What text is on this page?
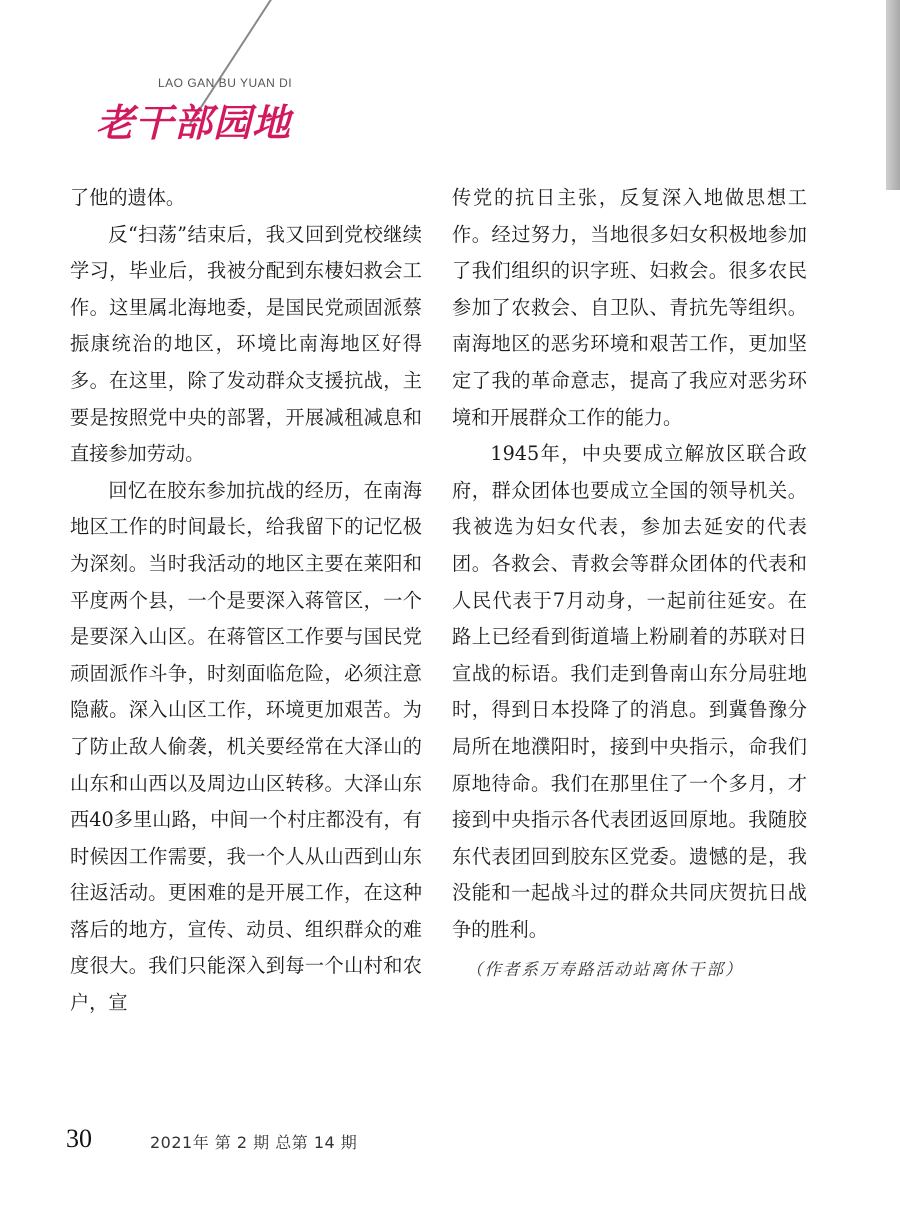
LAO GAN BU YUAN DI
老干部园地

了他的遗体。

反“扫荡”结束后，我又回到党校继续学习，毕业后，我被分配到东棲妇救会工作。这里属北海地委，是国民党顽固派蔡振康统治的地区，环境比南海地区好得多。在这里，除了发动群众支援抗战，主要是按照党中央的部署，开展减租减息和直接参加劳动。

回忆在胶东参加抗战的经历，在南海地区工作的时间最长，给我留下的记忆极为深刻。当时我活动的地区主要在莱阳和平度两个县，一个是要深入蒋管区，一个是要深入山区。在蒋管区工作要与国民党顽固派作斗争，时刻面临危险，必须注意隐蔽。深入山区工作，环境更加艰苦。为了防止敌人偷袭，机关要经常在大泽山的山东和山西以及周边山区转移。大泽山东西40多里山路，中间一个村庄都没有，有时候因工作需要，我一个人从山西到山东往返活动。更困难的是开展工作，在这种落后的地方，宣传、动员、组织群众的难度很大。我们只能深入到每一个山村和农户，宣

传党的抗日主张，反复深入地做思想工作。经过努力，当地很多妇女积极地参加了我们组织的识字班、妇救会。很多农民参加了农救会、自卫队、青抗先等组织。南海地区的恶劣环境和艰苦工作，更加坚定了我的革命意志，提高了我应对恶劣环境和开展群众工作的能力。

1945年，中央要成立解放区联合政府，群众团体也要成立全国的领导机关。我被选为妇女代表，参加去延安的代表团。各救会、青救会等群众团体的代表和人民代表于7月动身，一起前往延安。在路上已经看到街道墙上粉刷着的苏联对日宣战的标语。我们走到鲁南山东分局驻地时，得到日本投降了的消息。到冀鲁豫分局所在地濮阳时，接到中央指示，命我们原地待命。我们在那里住了一个多月，才接到中央指示各代表团返回原地。我随胶东代表团回到胶东区党委。遗憾的是，我没能和一起战斗过的群众共同庆贺抗日战争的胜利。

（作者系万寿路活动站离休干部）

30	2021年 第 2 期 总第 14 期
